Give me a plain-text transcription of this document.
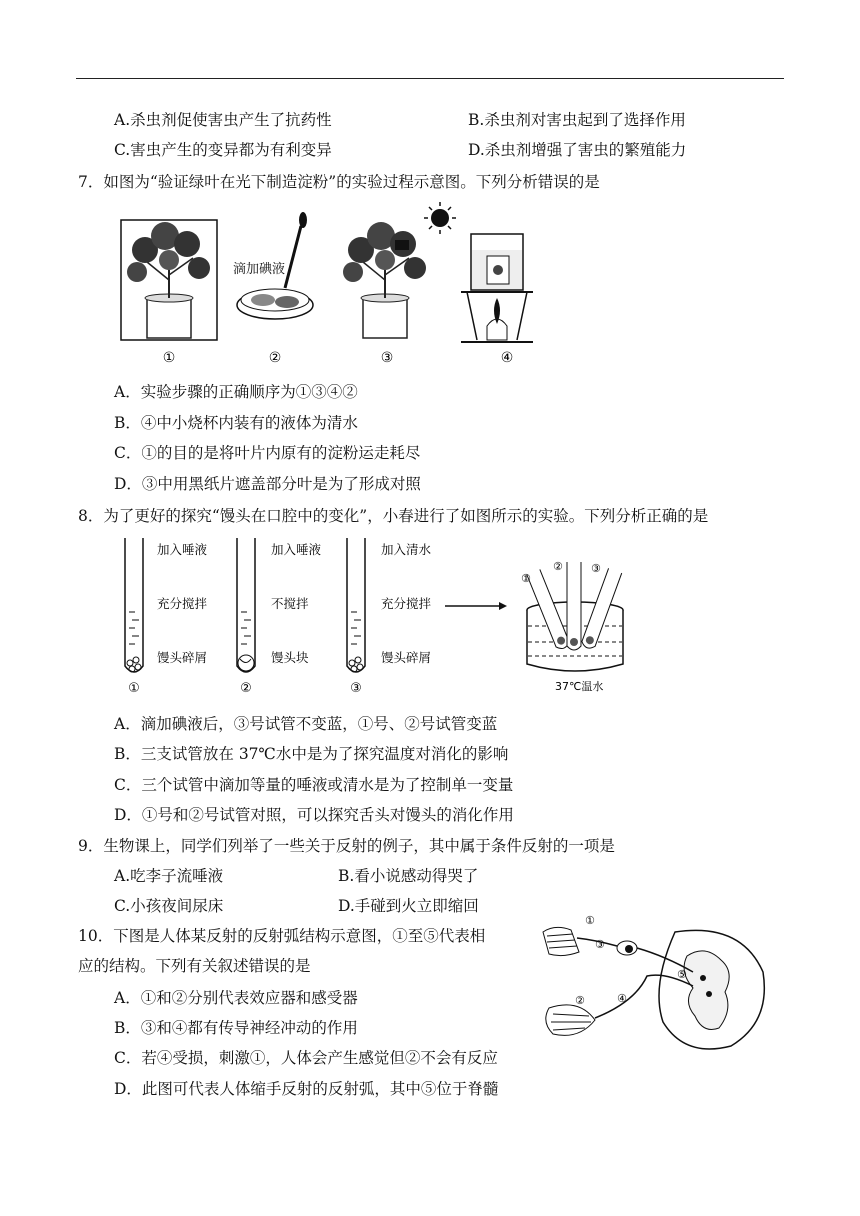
A.杀虫剂促使害虫产生了抗药性	B.杀虫剂对害虫起到了选择作用
C.害虫产生的变异都为有利变异	D.杀虫剂增强了害虫的繁殖能力
7．如图为“验证绿叶在光下制造淀粉”的实验过程示意图。下列分析错误的是
滴加碘液
①	②	③	④
A．实验步骤的正确顺序为①③④②
B．④中小烧杯内装有的液体为清水
C．①的目的是将叶片内原有的淀粉运走耗尽
D．③中用黑纸片遮盖部分叶是为了形成对照
8．为了更好的探究“馒头在口腔中的变化”，小春进行了如图所示的实验。下列分析正确的是
加入唾液
充分搅拌
馒头碎屑
①
加入唾液
不搅拌
馒头块
②
加入清水
充分搅拌
馒头碎屑
③
①
②	③
37℃温水
A．滴加碘液后，③号试管不变蓝，①号、②号试管变蓝
B．三支试管放在 37℃水中是为了探究温度对消化的影响
C．三个试管中滴加等量的唾液或清水是为了控制单一变量
D．①号和②号试管对照，可以探究舌头对馒头的消化作用
9．生物课上，同学们列举了一些关于反射的例子，其中属于条件反射的一项是
A.吃李子流唾液	B.看小说感动得哭了
C.小孩夜间尿床	D.手碰到火立即缩回
10．下图是人体某反射的反射弧结构示意图，①至⑤代表相
应的结构。下列有关叙述错误的是
①
②
③
④
⑤
A．①和②分别代表效应器和感受器
B．③和④都有传导神经冲动的作用
C．若④受损，刺激①，人体会产生感觉但②不会有反应
D．此图可代表人体缩手反射的反射弧，其中⑤位于脊髓
